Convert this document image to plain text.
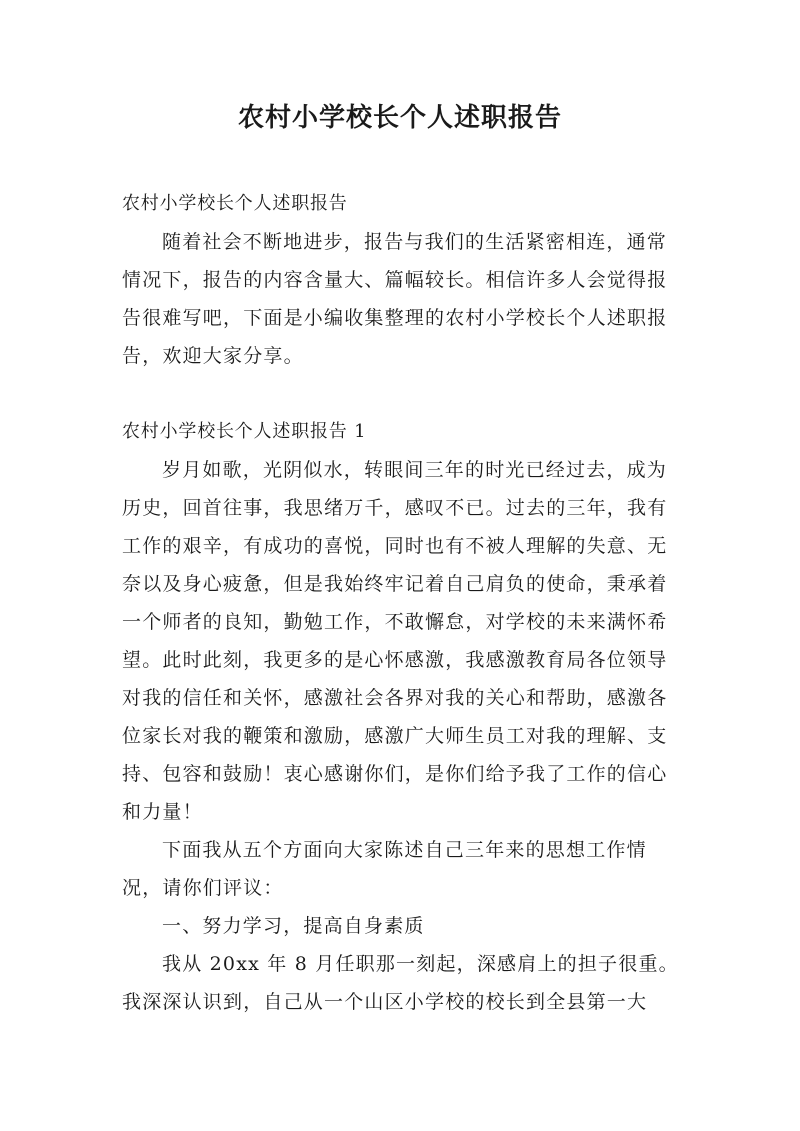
农村小学校长个人述职报告
农村小学校长个人述职报告

随着社会不断地进步，报告与我们的生活紧密相连，通常情况下，报告的内容含量大、篇幅较长。相信许多人会觉得报告很难写吧，下面是小编收集整理的农村小学校长个人述职报告，欢迎大家分享。

农村小学校长个人述职报告 1

岁月如歌，光阴似水，转眼间三年的时光已经过去，成为历史，回首往事，我思绪万千，感叹不已。过去的三年，我有工作的艰辛，有成功的喜悦，同时也有不被人理解的失意、无奈以及身心疲惫，但是我始终牢记着自己肩负的使命，秉承着一个师者的良知，勤勉工作，不敢懈怠，对学校的未来满怀希望。此时此刻，我更多的是心怀感激，我感激教育局各位领导对我的信任和关怀，感激社会各界对我的关心和帮助，感激各位家长对我的鞭策和激励，感激广大师生员工对我的理解、支持、包容和鼓励！衷心感谢你们，是你们给予我了工作的信心和力量！

下面我从五个方面向大家陈述自己三年来的思想工作情况，请你们评议：

一、努力学习，提高自身素质

我从 20xx 年 8 月任职那一刻起，深感肩上的担子很重。我深深认识到，自己从一个山区小学校的校长到全县第一大
